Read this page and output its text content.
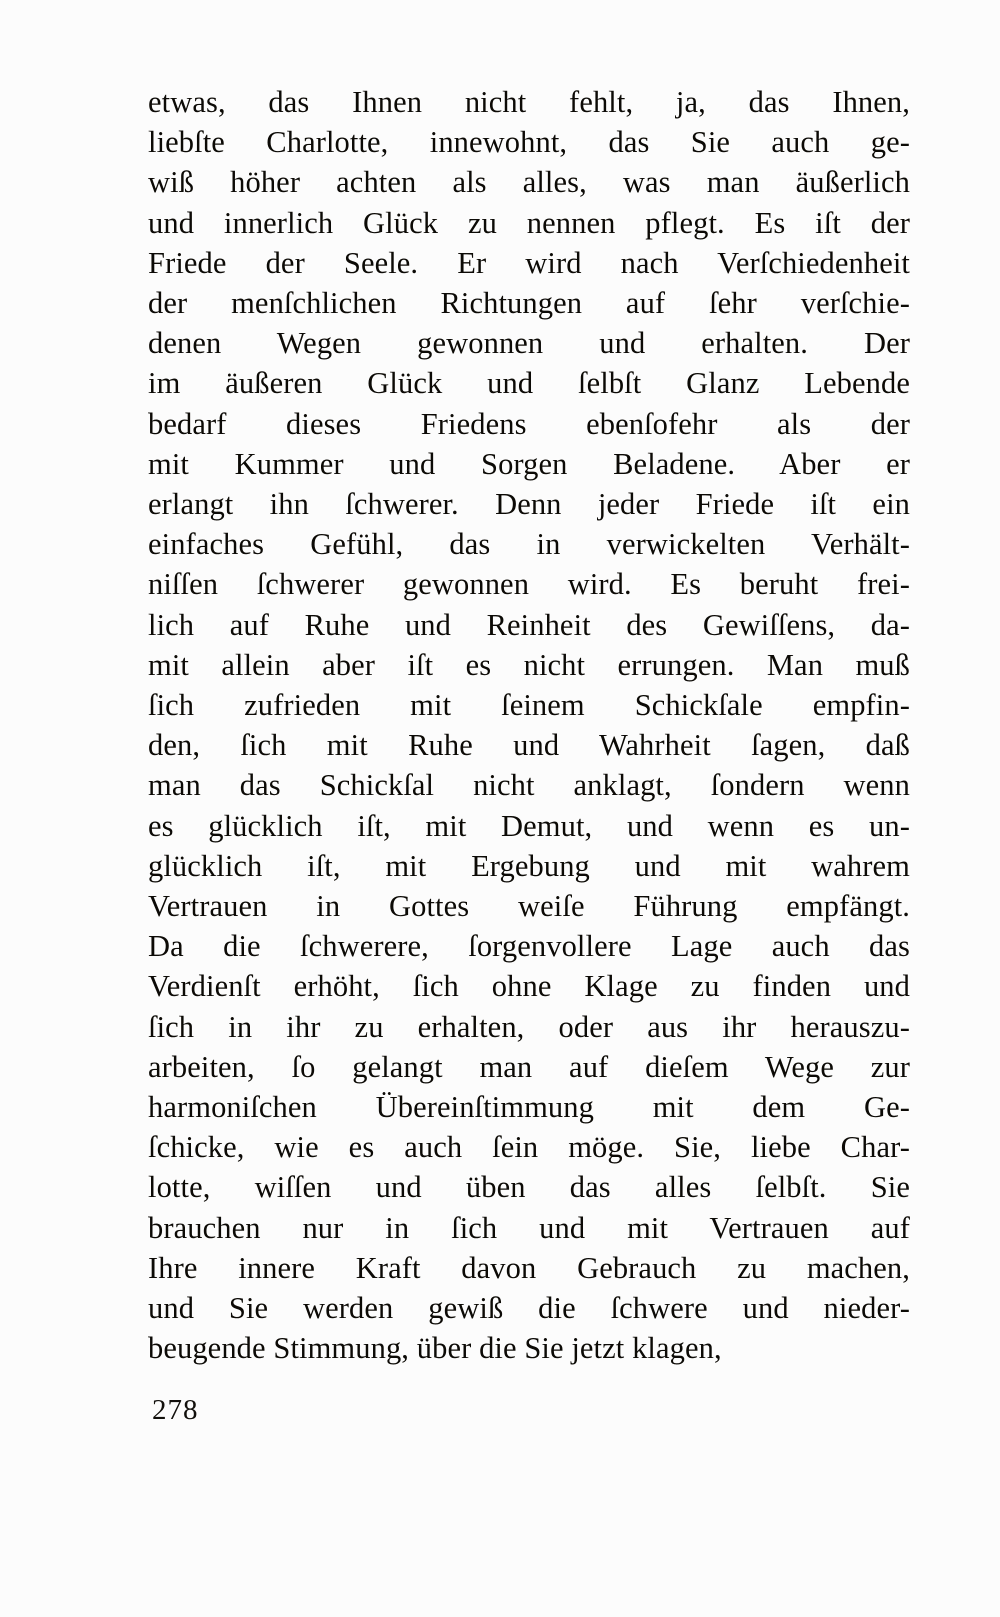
etwas, das Ihnen nicht fehlt, ja, das Ihnen,
liebſte Charlotte, innewohnt, das Sie auch ge-
wiß höher achten als alles, was man äußerlich
und innerlich Glück zu nennen pflegt. Es iſt der
Friede der Seele. Er wird nach Verſchiedenheit
der menſchlichen Richtungen auf ſehr verſchie-
denen Wegen gewonnen und erhalten. Der
im äußeren Glück und ſelbſt Glanz Lebende
bedarf dieses Friedens ebenſofehr als der
mit Kummer und Sorgen Beladene. Aber er
erlangt ihn ſchwerer. Denn jeder Friede iſt ein
einfaches Gefühl, das in verwickelten Verhält-
niſſen ſchwerer gewonnen wird. Es beruht frei-
lich auf Ruhe und Reinheit des Gewiſſens, da-
mit allein aber iſt es nicht errungen. Man muß
ſich zufrieden mit ſeinem Schickſale empfin-
den, ſich mit Ruhe und Wahrheit ſagen, daß
man das Schickſal nicht anklagt, ſondern wenn
es glücklich iſt, mit Demut, und wenn es un-
glücklich iſt, mit Ergebung und mit wahrem
Vertrauen in Gottes weiſe Führung empfängt.
Da die ſchwerere, ſorgenvollere Lage auch das
Verdienſt erhöht, ſich ohne Klage zu finden und
ſich in ihr zu erhalten, oder aus ihr herauszu-
arbeiten, ſo gelangt man auf dieſem Wege zur
harmoniſchen Übereinſtimmung mit dem Ge-
ſchicke, wie es auch ſein möge. Sie, liebe Char-
lotte, wiſſen und üben das alles ſelbſt. Sie
brauchen nur in ſich und mit Vertrauen auf
Ihre innere Kraft davon Gebrauch zu machen,
und Sie werden gewiß die ſchwere und nieder-
beugende Stimmung, über die Sie jetzt klagen,
278
